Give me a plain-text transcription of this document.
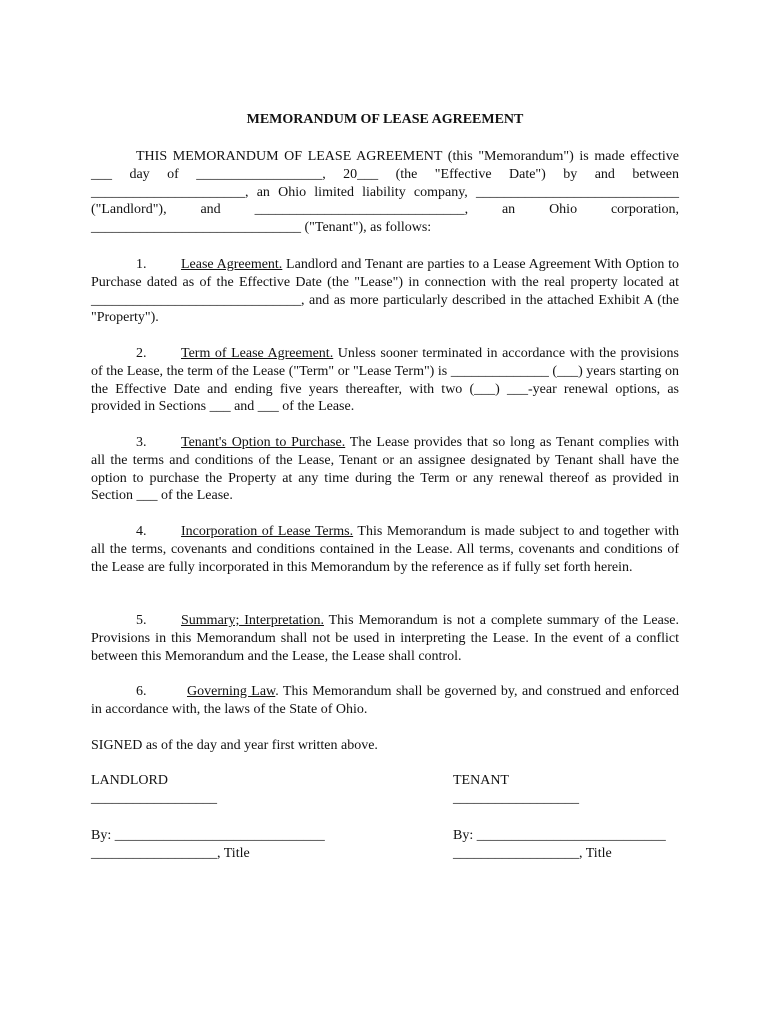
MEMORANDUM OF LEASE AGREEMENT
THIS MEMORANDUM OF LEASE AGREEMENT (this "Memorandum") is made effective ___ day of __________________, 20___ (the "Effective Date") by and between ______________________, an Ohio limited liability company, _____________________________ ("Landlord"), and ______________________________, an Ohio corporation, ______________________________ ("Tenant"), as follows:
1. Lease Agreement. Landlord and Tenant are parties to a Lease Agreement With Option to Purchase dated as of the Effective Date (the "Lease") in connection with the real property located at ______________________________, and as more particularly described in the attached Exhibit A (the "Property").
2. Term of Lease Agreement. Unless sooner terminated in accordance with the provisions of the Lease, the term of the Lease ("Term" or "Lease Term") is ______________ (___) years starting on the Effective Date and ending five years thereafter, with two (___) ___-year renewal options, as provided in Sections ___ and ___ of the Lease.
3. Tenant's Option to Purchase. The Lease provides that so long as Tenant complies with all the terms and conditions of the Lease, Tenant or an assignee designated by Tenant shall have the option to purchase the Property at any time during the Term or any renewal thereof as provided in Section ___ of the Lease.
4. Incorporation of Lease Terms. This Memorandum is made subject to and together with all the terms, covenants and conditions contained in the Lease. All terms, covenants and conditions of the Lease are fully incorporated in this Memorandum by the reference as if fully set forth herein.
5. Summary; Interpretation. This Memorandum is not a complete summary of the Lease. Provisions in this Memorandum shall not be used in interpreting the Lease. In the event of a conflict between this Memorandum and the Lease, the Lease shall control.
6.	Governing Law. This Memorandum shall be governed by, and construed and enforced in accordance with, the laws of the State of Ohio.
SIGNED as of the day and year first written above.
LANDLORD
__________________
By: ______________________________
__________________, Title
TENANT
__________________
By: ___________________________
__________________, Title
